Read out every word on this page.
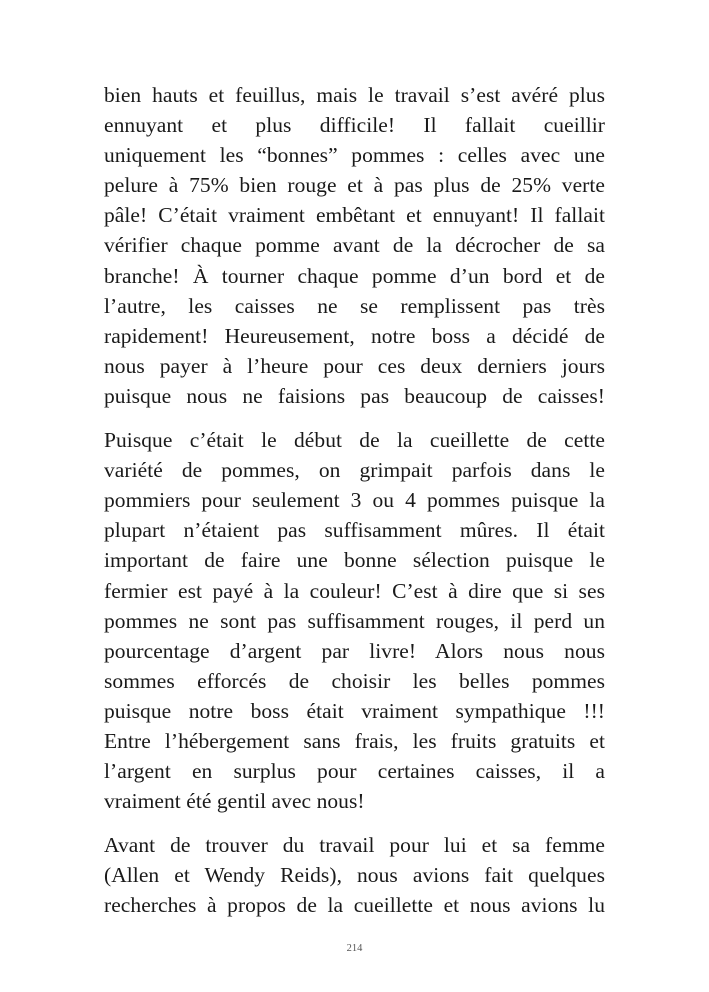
bien hauts et feuillus, mais le travail s’est avéré plus
ennuyant et plus difficile! Il fallait cueillir
uniquement les “bonnes” pommes : celles avec une
pelure à 75% bien rouge et à pas plus de 25% verte
pâle! C’était vraiment embêtant et ennuyant! Il fallait
vérifier chaque pomme avant de la décrocher de sa
branche! À tourner chaque pomme d’un bord et de
l’autre, les caisses ne se remplissent pas très
rapidement! Heureusement, notre boss a décidé de
nous payer à l’heure pour ces deux derniers jours
puisque nous ne faisions pas beaucoup de caisses!
Puisque c’était le début de la cueillette de cette
variété de pommes, on grimpait parfois dans le
pommiers pour seulement 3 ou 4 pommes puisque la
plupart n’étaient pas suffisamment mûres. Il était
important de faire une bonne sélection puisque le
fermier est payé à la couleur! C’est à dire que si ses
pommes ne sont pas suffisamment rouges, il perd un
pourcentage d’argent par livre! Alors nous nous
sommes efforcés de choisir les belles pommes
puisque notre boss était vraiment sympathique !!!
Entre l’hébergement sans frais, les fruits gratuits et
l’argent en surplus pour certaines caisses, il a
vraiment été gentil avec nous!
Avant de trouver du travail pour lui et sa femme
(Allen et Wendy Reids), nous avions fait quelques
recherches à propos de la cueillette et nous avions lu
214
